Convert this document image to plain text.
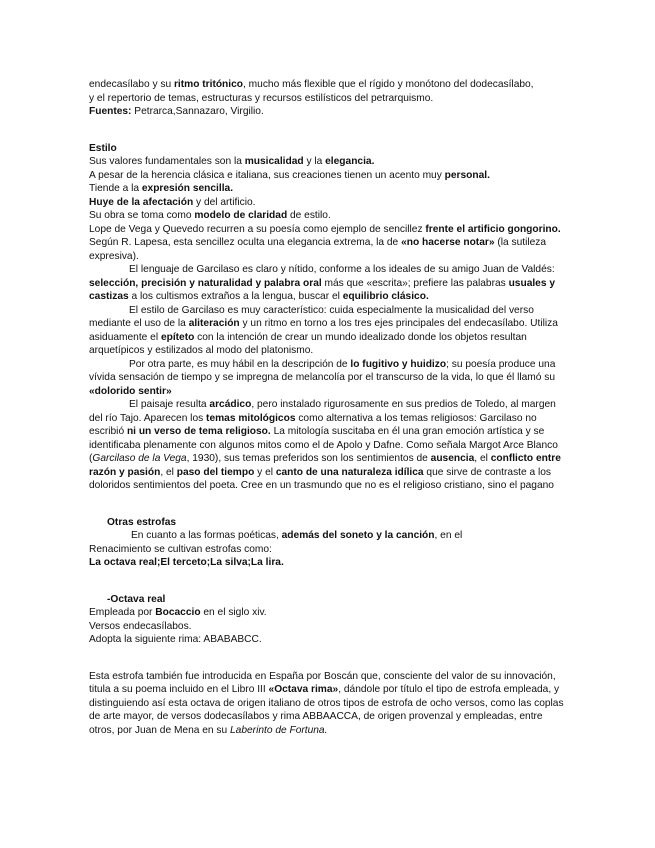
endecasílabo y su ritmo tritónico, mucho más flexible que el rígido y monótono del dodecasílabo,

y el repertorio de temas, estructuras y recursos estilísticos del petrarquismo.

Fuentes: Petrarca,Sannazaro, Virgilio.

Estilo

Sus valores fundamentales son la musicalidad y la elegancia.

A pesar de la herencia clásica e italiana, sus creaciones tienen un acento muy personal.

Tiende a la expresión sencilla.

Huye de la afectación y del artificio.

Su obra se toma como modelo de claridad de estilo.

Lope de Vega y Quevedo recurren a su poesía como ejemplo de sencillez frente el artificio gongorino.

Según R. Lapesa, esta sencillez oculta una elegancia extrema, la de «no hacerse notar» (la sutileza expresiva).

El lenguaje de Garcilaso es claro y nítido, conforme a los ideales de su amigo Juan de Valdés: selección, precisión y naturalidad y palabra oral más que «escrita»; prefiere las palabras usuales y castizas a los cultismos extraños a la lengua, buscar el equilibrio clásico.

El estilo de Garcilaso es muy característico: cuida especialmente la musicalidad del verso mediante el uso de la aliteración y un ritmo en torno a los tres ejes principales del endecasílabo. Utiliza asiduamente el epíteto con la intención de crear un mundo idealizado donde los objetos resultan arquetípicos y estilizados al modo del platonismo.

Por otra parte, es muy hábil en la descripción de lo fugitivo y huidizo; su poesía produce una vívida sensación de tiempo y se impregna de melancolía por el transcurso de la vida, lo que él llamó su «dolorido sentir»

El paisaje resulta arcádico, pero instalado rigurosamente en sus predios de Toledo, al margen del río Tajo. Aparecen los temas mitológicos como alternativa a los temas religiosos: Garcilaso no escribió ni un verso de tema religioso. La mitología suscitaba en él una gran emoción artística y se identificaba plenamente con algunos mitos como el de Apolo y Dafne. Como señala Margot Arce Blanco (Garcilaso de la Vega, 1930), sus temas preferidos son los sentimientos de ausencia, el conflicto entre razón y pasión, el paso del tiempo y el canto de una naturaleza idílica que sirve de contraste a los doloridos sentimientos del poeta. Cree en un trasmundo que no es el religioso cristiano, sino el pagano

Otras estrofas

En cuanto a las formas poéticas, además del soneto y la canción, en el

Renacimiento se cultivan estrofas como:

La octava real;El terceto;La silva;La lira.

-Octava real

Empleada por Bocaccio en el siglo xiv.

Versos endecasílabos.

Adopta la siguiente rima: ABABABCC.

Esta estrofa también fue introducida en España por Boscán que, consciente del valor de su innovación, titula a su poema incluido en el Libro III «Octava rima», dándole por título el tipo de estrofa empleada, y distinguiendo así esta octava de origen italiano de otros tipos de estrofa de ocho versos, como las coplas de arte mayor, de versos dodecasílabos y rima ABBAACCA, de origen provenzal y empleadas, entre otros, por Juan de Mena en su Laberinto de Fortuna.
